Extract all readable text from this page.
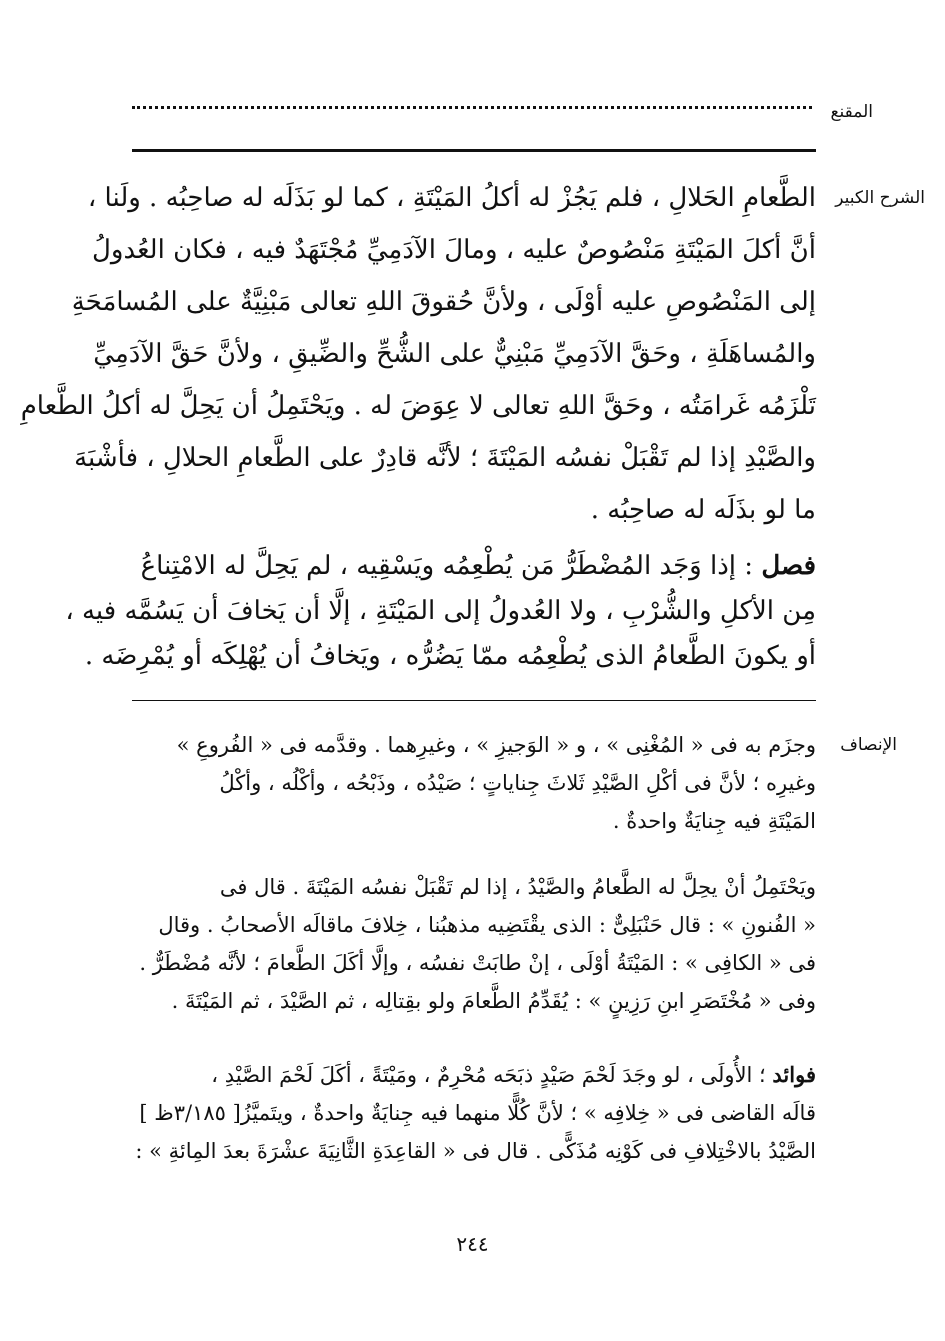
المقنع
الشرح الكبير
الطَّعامِ الحَلالِ ، فلم يَجُزْ له أكلُ المَيْتَةِ ، كما لو بَذَلَه له صاحِبُه . ولَنا ،
أنَّ أكلَ المَيْتَةِ مَنْصُوصٌ عليه ، ومالَ الآدَمِيِّ مُجْتَهَدٌ فيه ، فكان العُدولُ
إلى المَنْصُوصِ عليه أوْلَى ، ولأنَّ حُقوقَ اللهِ تعالى مَبْنِيَّةٌ على المُسامَحَةِ
والمُساهَلَةِ ، وحَقَّ الآدَمِيِّ مَبْنِيٌّ على الشُّحِّ والضِّيقِ ، ولأنَّ حَقَّ الآدَمِيِّ
تَلْزَمُه غَرامَتُه ، وحَقَّ اللهِ تعالى لا عِوَضَ له . ويَحْتَمِلُ أن يَحِلَّ له أكلُ الطَّعامِ
والصَّيْدِ إذا لم تَقْبَلْ نفسُه المَيْتَةَ ؛ لأنَّه قادِرٌ على الطَّعامِ الحلالِ ، فأشْبَهَ
ما لو بذَلَه له صاحِبُه .
فصل : إذا وَجَد المُضْطَرُّ مَن يُطْعِمُه ويَسْقِيه ، لم يَحِلَّ له الامْتِناعُ
مِن الأكلِ والشُّرْبِ ، ولا العُدولُ إلى المَيْتَةِ ، إلَّا أن يَخافَ أن يَسُمَّه فيه ،
أو يكونَ الطَّعامُ الذى يُطْعِمُه ممّا يَضُرُّه ، ويَخافُ أن يُهْلِكَه أو يُمْرِضَه .
الإنصاف
وجزَم به فى « المُغْنِى » ، و « الوَجيزِ » ، وغيرِهما . وقدَّمه فى « الفُروعِ »
وغيرِه ؛ لأنَّ فى أكْلِ الصَّيْدِ ثَلاثَ جِناياتٍ ؛ صَيْدُه ، وذَبْحُه ، وأكْلُه ، وأكْلُ
المَيْتَةِ فيه جِنايَةٌ واحدةٌ .
ويَحْتَمِلُ أنْ يحِلَّ له الطَّعامُ والصَّيْدُ ، إذا لم تَقْبَلْ نفسُه المَيْتَةَ . قال فى
« الفُنونِ » : قال حَنْبَلِىٌّ : الذى يقْتَضِيه مذهبُنا ، خِلافَ ماقالَه الأصحابُ . وقال
فى « الكافِى » : المَيْتَةُ أوْلَى ، إنْ طابَتْ نفسُه ، وإلَّا أكَلَ الطَّعامَ ؛ لأنَّه مُضْطَرٌّ .
وفى « مُخْتَصَرِ ابنِ رَزِينٍ » : يُقَدِّمُ الطَّعامَ ولو بقِتالِه ، ثم الصَّيْدَ ، ثم المَيْتَةَ .
فوائد ؛ الأُولَى ، لو وجَدَ لَحْمَ صَيْدٍ ذبَحَه مُحْرِمٌ ، ومَيْتَةً ، أكَلَ لَحْمَ الصَّيْدِ ،
قالَه القاضى فى « خِلافِه » ؛ لأنَّ كُلًّا منهما فيه جِنايَةٌ واحدةٌ ، ويتَميَّزُ[ ٣/١٨٥ظ ]
الصَّيْدُ بالاخْتِلافِ فى كَوْنِه مُذَكًّى . قال فى « القاعِدَةِ الثَّانِيَةَ عشْرَةَ بعدَ المِائةِ » :
٢٤٤
